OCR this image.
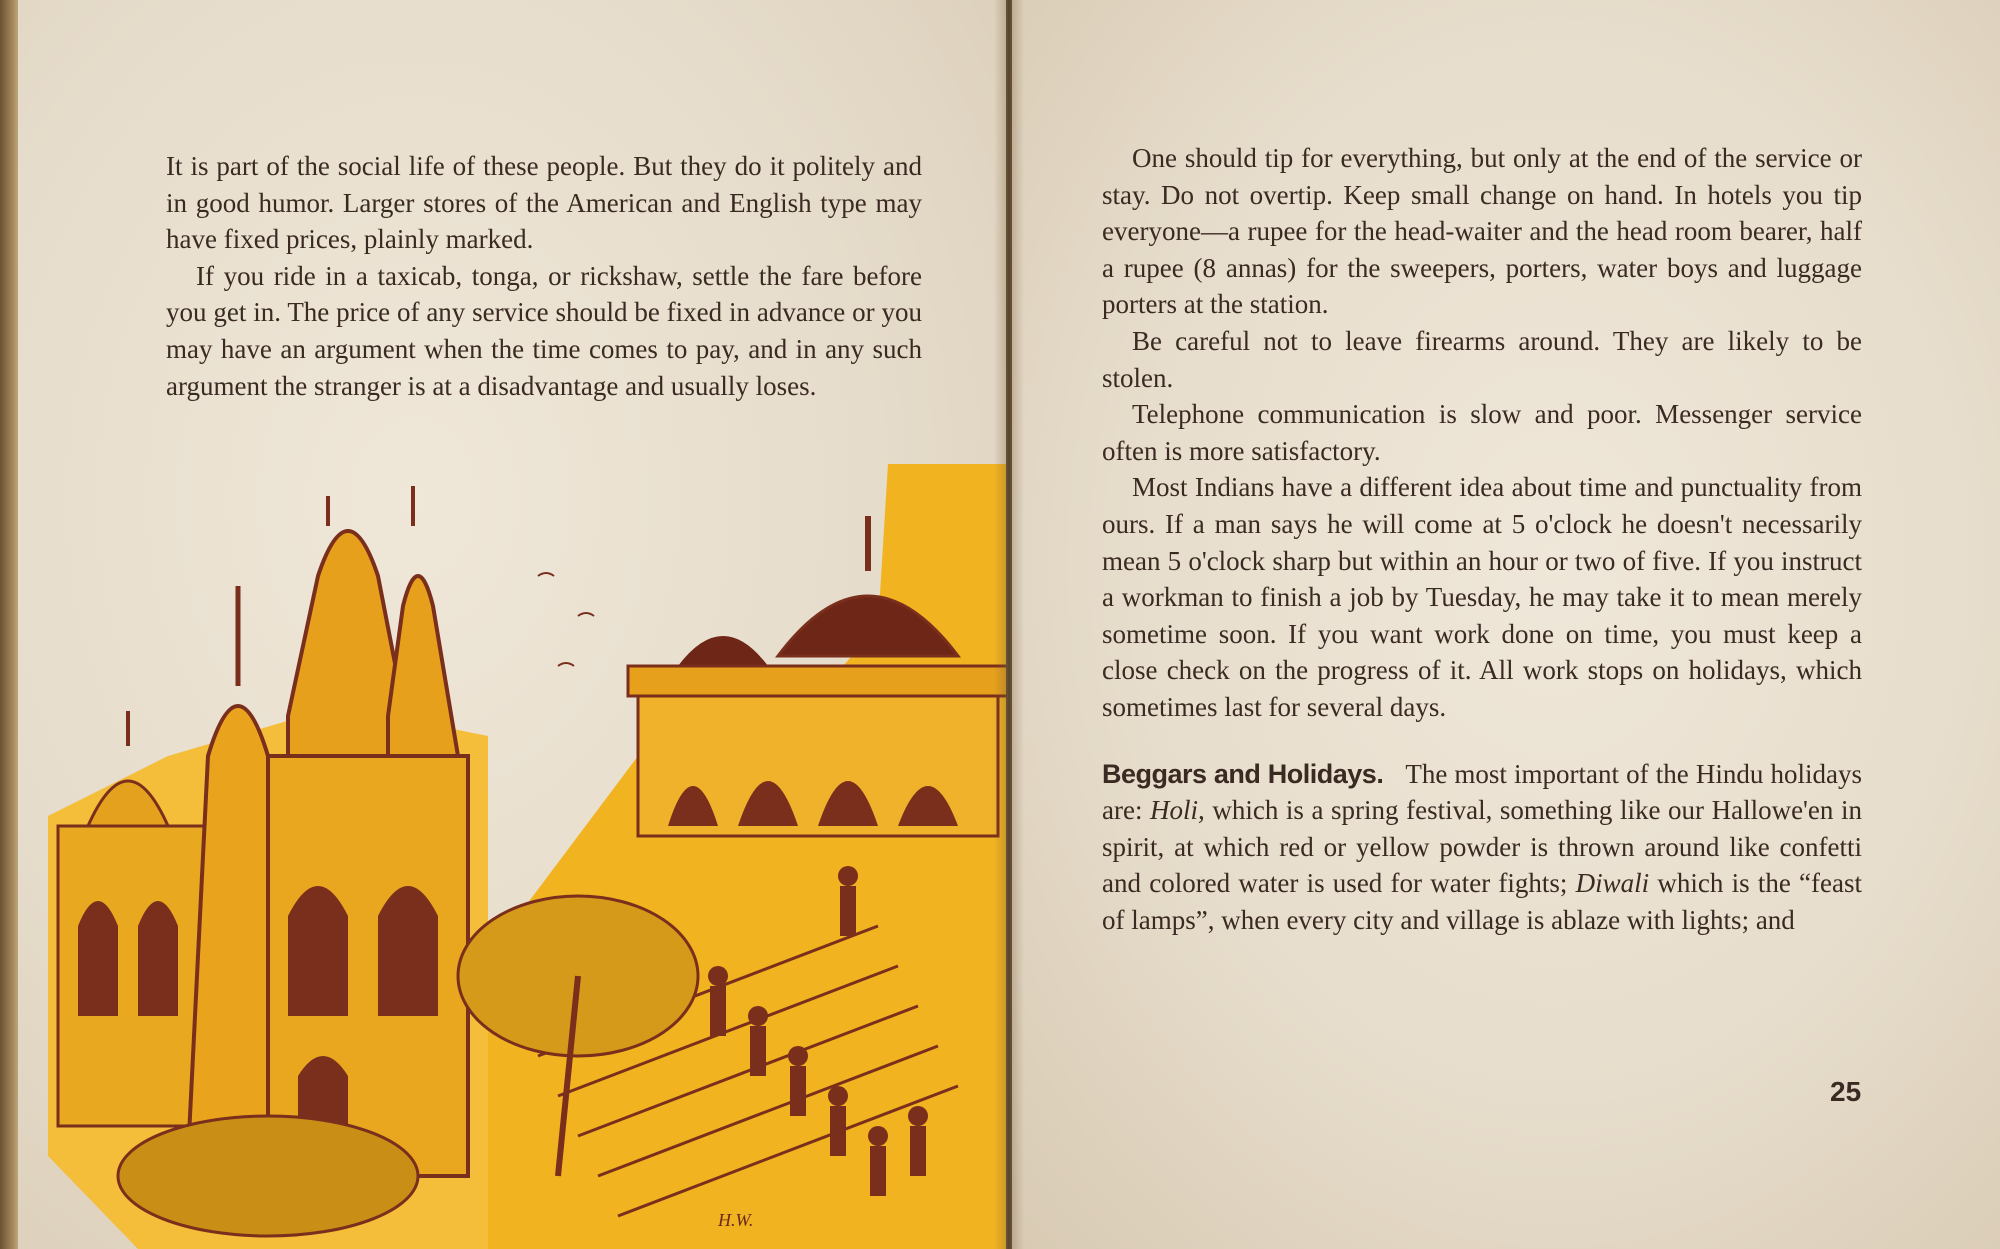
It is part of the social life of these people. But they do it politely and in good humor. Larger stores of the American and English type may have fixed prices, plainly marked.

If you ride in a taxicab, tonga, or rickshaw, settle the fare before you get in. The price of any service should be fixed in advance or you may have an argument when the time comes to pay, and in any such argument the stranger is at a disadvantage and usually loses.

H.W.

One should tip for everything, but only at the end of the service or stay. Do not overtip. Keep small change on hand. In hotels you tip everyone—a rupee for the head-waiter and the head room bearer, half a rupee (8 annas) for the sweepers, porters, water boys and luggage porters at the station.

Be careful not to leave firearms around. They are likely to be stolen.

Telephone communication is slow and poor. Messenger service often is more satisfactory.

Most Indians have a different idea about time and punctuality from ours. If a man says he will come at 5 o'clock he doesn't necessarily mean 5 o'clock sharp but within an hour or two of five. If you instruct a workman to finish a job by Tuesday, he may take it to mean merely sometime soon. If you want work done on time, you must keep a close check on the progress of it. All work stops on holidays, which sometimes last for several days.

Beggars and Holidays. The most important of the Hindu holidays are: Holi, which is a spring festival, something like our Hallowe'en in spirit, at which red or yellow powder is thrown around like confetti and colored water is used for water fights; Diwali which is the “feast of lamps”, when every city and village is ablaze with lights; and

25
